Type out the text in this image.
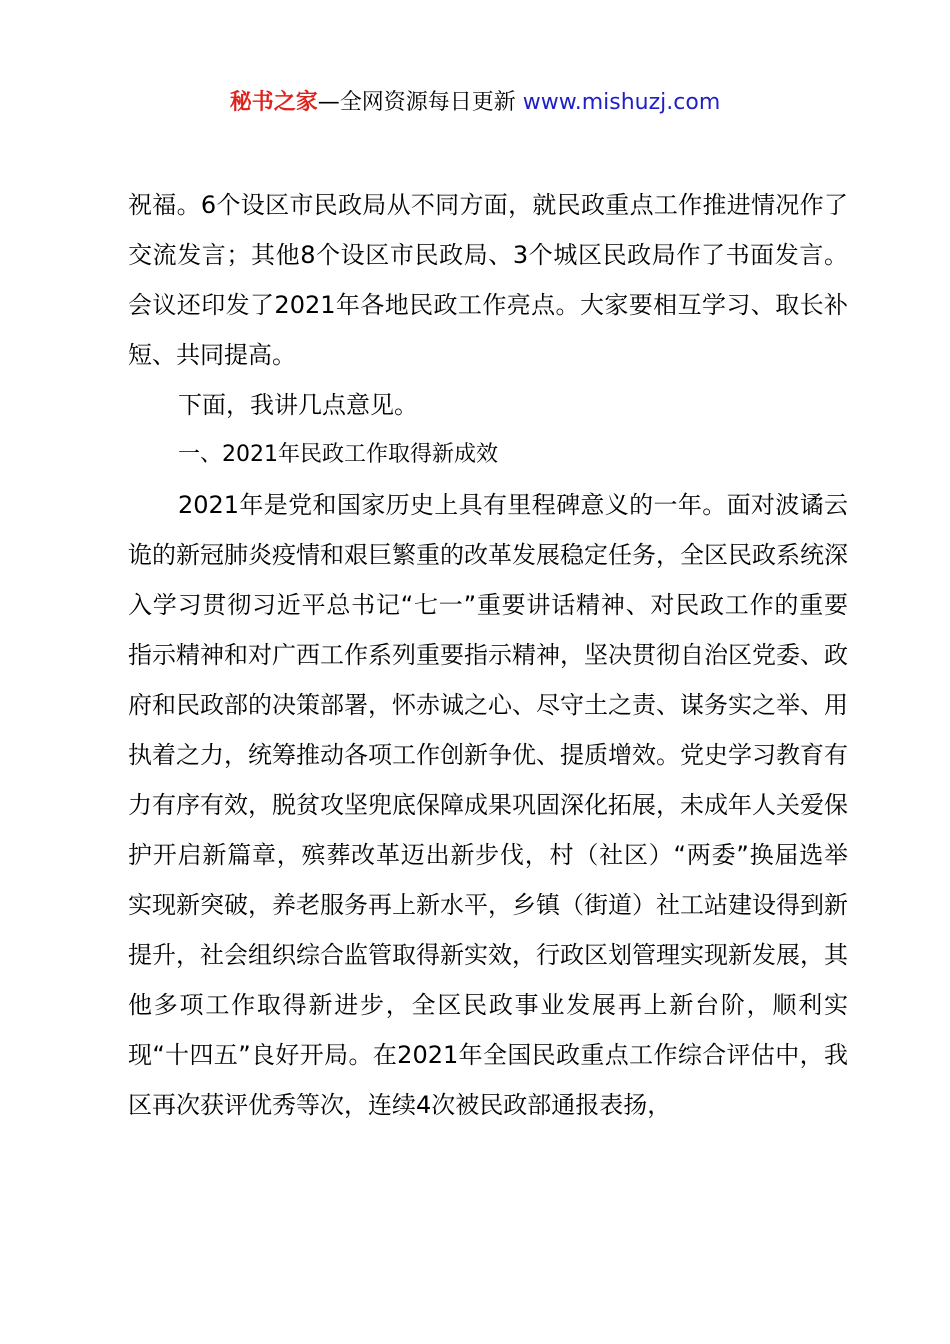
秘书之家—全网资源每日更新 www.mishuzj.com

祝福。6个设区市民政局从不同方面，就民政重点工作推进情况作了交流发言；其他8个设区市民政局、3个城区民政局作了书面发言。会议还印发了2021年各地民政工作亮点。大家要相互学习、取长补短、共同提高。

下面，我讲几点意见。

一、2021年民政工作取得新成效

2021年是党和国家历史上具有里程碑意义的一年。面对波谲云诡的新冠肺炎疫情和艰巨繁重的改革发展稳定任务，全区民政系统深入学习贯彻习近平总书记“七一”重要讲话精神、对民政工作的重要指示精神和对广西工作系列重要指示精神，坚决贯彻自治区党委、政府和民政部的决策部署，怀赤诚之心、尽守土之责、谋务实之举、用执着之力，统筹推动各项工作创新争优、提质增效。党史学习教育有力有序有效，脱贫攻坚兜底保障成果巩固深化拓展，未成年人关爱保护开启新篇章，殡葬改革迈出新步伐，村（社区）“两委”换届选举实现新突破，养老服务再上新水平，乡镇（街道）社工站建设得到新提升，社会组织综合监管取得新实效，行政区划管理实现新发展，其他多项工作取得新进步，全区民政事业发展再上新台阶，顺利实现“十四五”良好开局。在2021年全国民政重点工作综合评估中，我区再次获评优秀等次，连续4次被民政部通报表扬，
